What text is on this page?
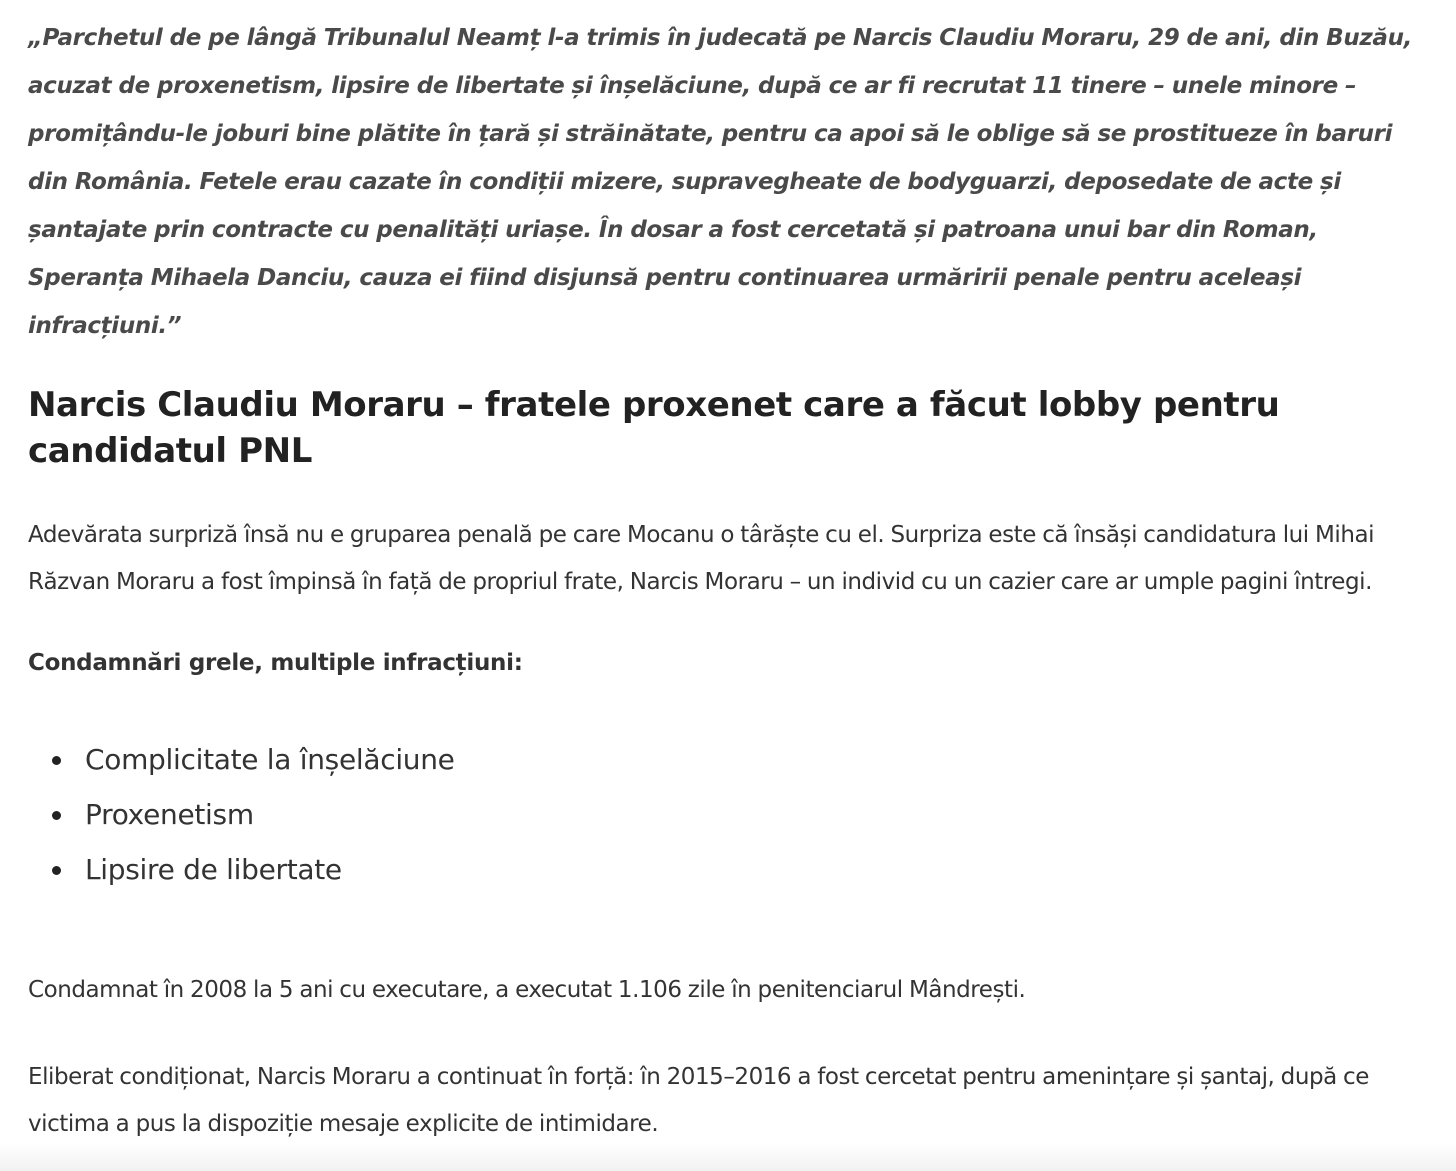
„Parchetul de pe lângă Tribunalul Neamț l-a trimis în judecată pe Narcis Claudiu Moraru, 29 de ani, din Buzău, acuzat de proxenetism, lipsire de libertate și înșelăciune, după ce ar fi recrutat 11 tinere – unele minore – promițându-le joburi bine plătite în țară și străinătate, pentru ca apoi să le oblige să se prostitueze în baruri din România. Fetele erau cazate în condiții mizere, supravegheate de bodyguarzi, deposedate de acte și șantajate prin contracte cu penalități uriașe. În dosar a fost cercetată și patroana unui bar din Roman, Speranța Mihaela Danciu, cauza ei fiind disjunsă pentru continuarea urmăririi penale pentru aceleași infracțiuni.”

Narcis Claudiu Moraru – fratele proxenet care a făcut lobby pentru candidatul PNL

Adevărata surpriză însă nu e gruparea penală pe care Mocanu o târăște cu el. Surpriza este că însăși candidatura lui Mihai Răzvan Moraru a fost împinsă în față de propriul frate, Narcis Moraru – un individ cu un cazier care ar umple pagini întregi.

Condamnări grele, multiple infracțiuni:

Complicitate la înșelăciune
Proxenetism
Lipsire de libertate

Condamnat în 2008 la 5 ani cu executare, a executat 1.106 zile în penitenciarul Mândrești.

Eliberat condiționat, Narcis Moraru a continuat în forță: în 2015–2016 a fost cercetat pentru amenințare și șantaj, după ce victima a pus la dispoziție mesaje explicite de intimidare.
